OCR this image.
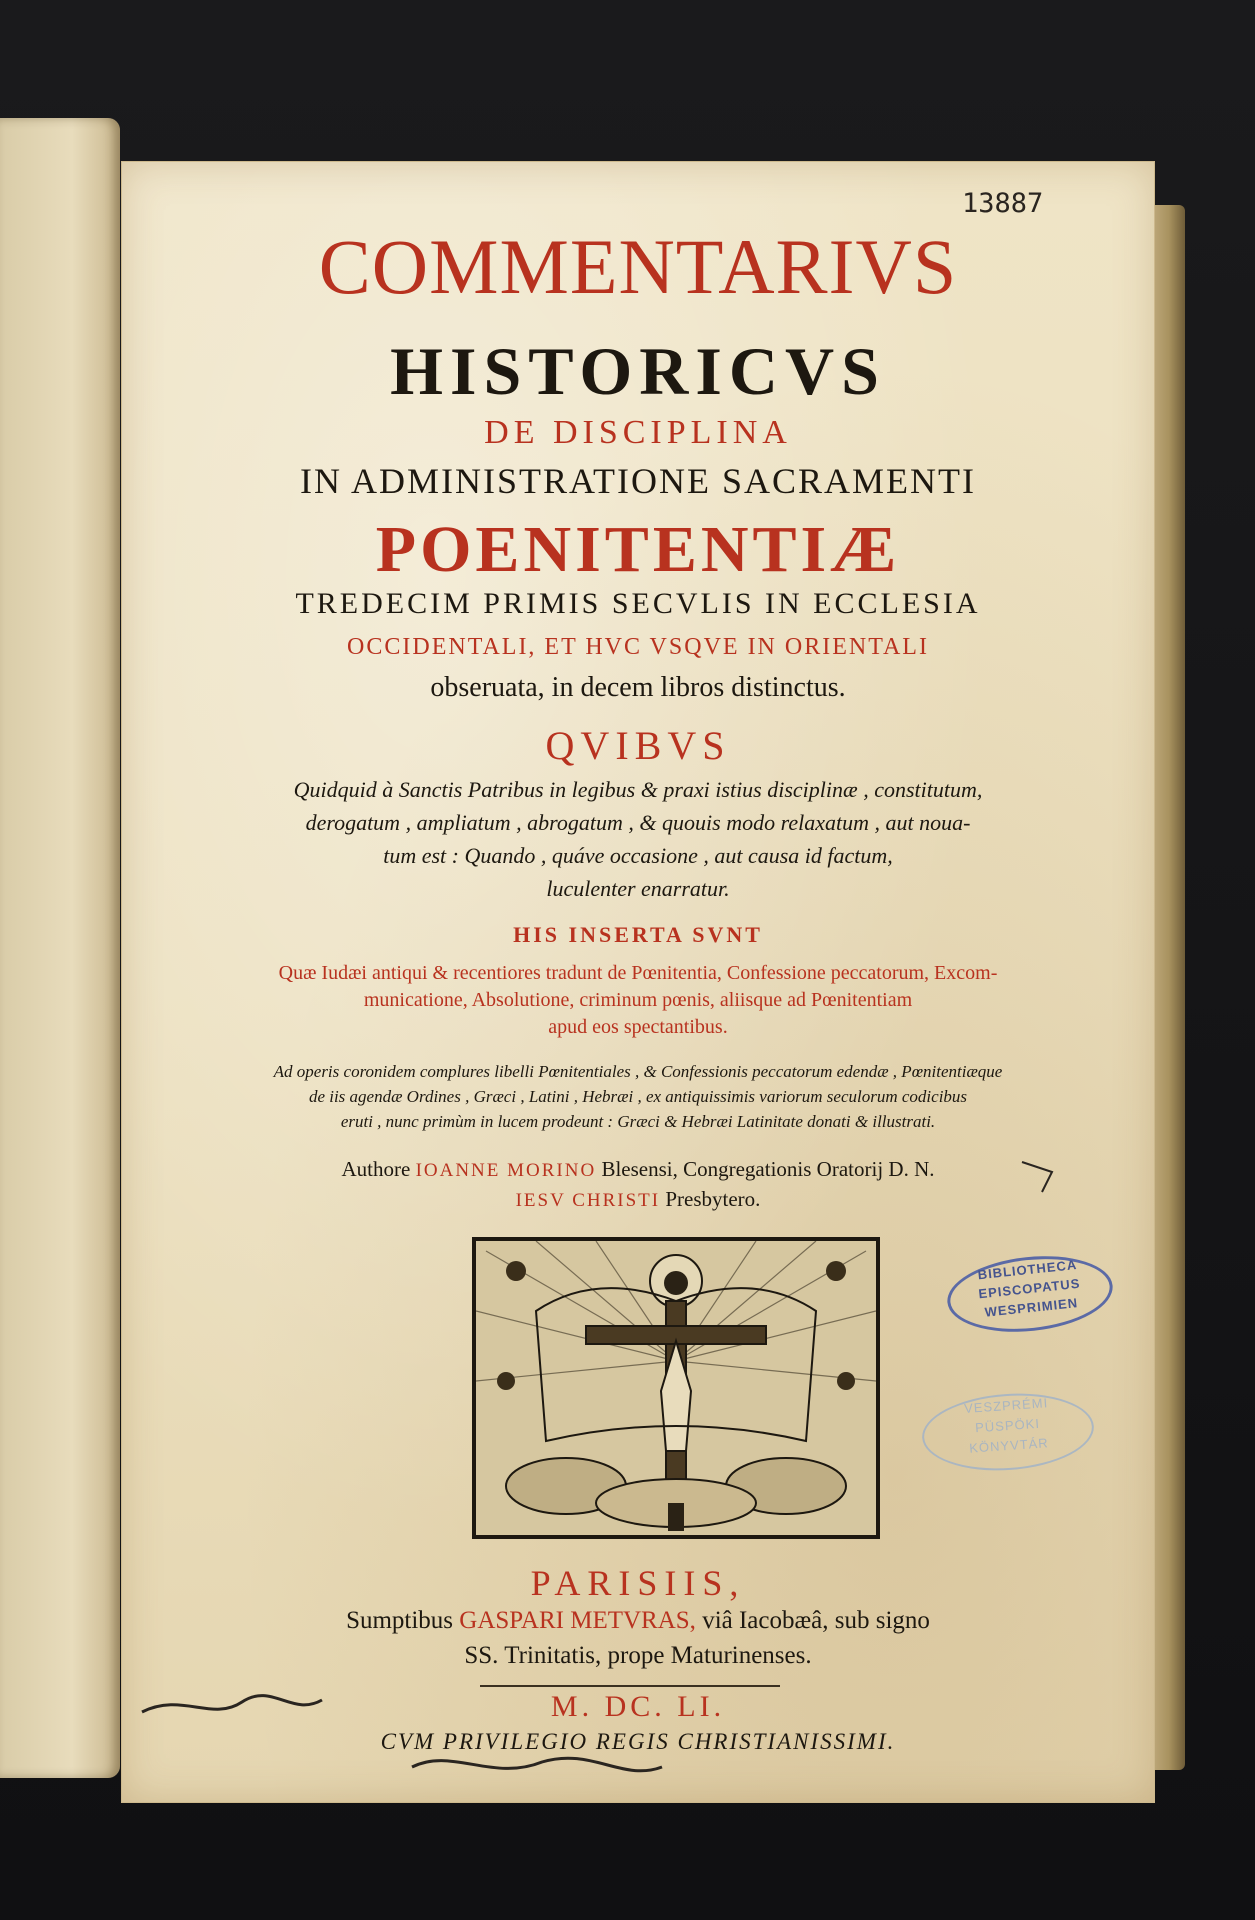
13887
COMMENTARIVS
HISTORICVS
DE DISCIPLINA
IN ADMINISTRATIONE SACRAMENTI
POENITENTIÆ
TREDECIM PRIMIS SECVLIS IN ECCLESIA
OCCIDENTALI, ET HVC VSQVE IN ORIENTALI
obseruata, in decem libros distinctus.
QVIBVS
Quidquid à Sanctis Patribus in legibus & praxi istius disciplinæ , constitutum,
derogatum , ampliatum , abrogatum , & quouis modo relaxatum , aut noua-
tum est : Quando , quáve occasione , aut causa id factum,
luculenter enarratur.
HIS INSERTA SVNT
Quæ Iudæi antiqui & recentiores tradunt de Pœnitentia, Confessione peccatorum, Excom-
municatione, Absolutione, criminum pœnis, aliisque ad Pœnitentiam
apud eos spectantibus.
Ad operis coronidem complures libelli Pœnitentiales , & Confessionis peccatorum edendæ , Pœnitentiæque
de iis agendæ Ordines , Græci , Latini , Hebræi , ex antiquissimis variorum seculorum codicibus
eruti , nunc primùm in lucem prodeunt : Græci & Hebræi Latinitate donati & illustrati.
Authore IOANNE MORINO Blesensi, Congregationis Oratorij D. N.
IESV CHRISTI Presbytero.
BIBLIOTHECA
EPISCOPATUS
WESPRIMIEN
VESZPRÉMI
PÜSPÖKI
KÖNYVTÁR
PARISIIS,
Sumptibus GASPARI METVRAS, viâ Iacobæâ, sub signo
SS. Trinitatis, prope Maturinenses.
M. DC. LI.
CVM PRIVILEGIO REGIS CHRISTIANISSIMI.
